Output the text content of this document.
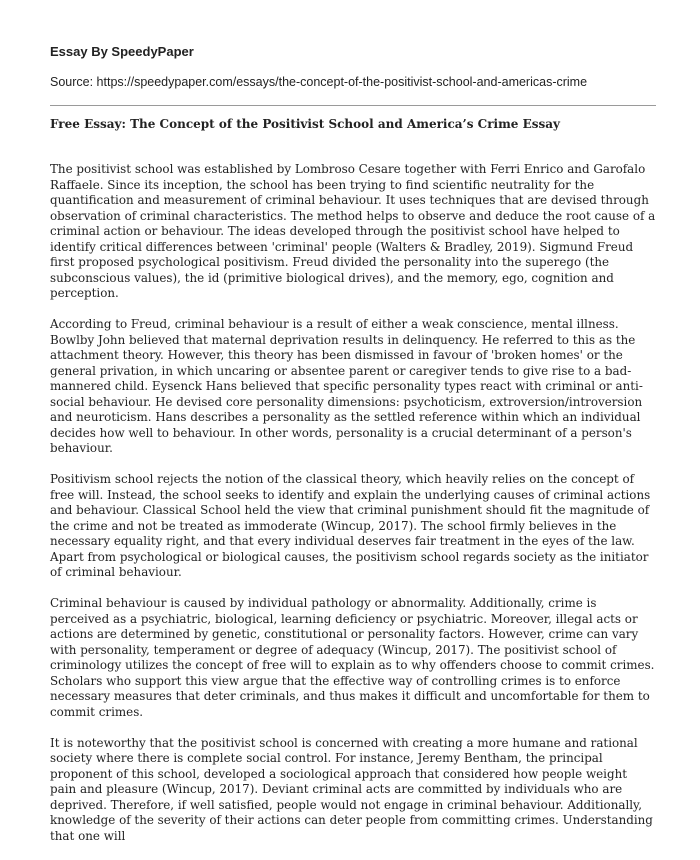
Essay By SpeedyPaper
Source: https://speedypaper.com/essays/the-concept-of-the-positivist-school-and-americas-crime
Free Essay: The Concept of the Positivist School and America’s Crime Essay

The positivist school was established by Lombroso Cesare together with Ferri Enrico and Garofalo Raffaele. Since its inception, the school has been trying to find scientific neutrality for the quantification and measurement of criminal behaviour. It uses techniques that are devised through observation of criminal characteristics. The method helps to observe and deduce the root cause of a criminal action or behaviour. The ideas developed through the positivist school have helped to identify critical differences between 'criminal' people (Walters & Bradley, 2019). Sigmund Freud first proposed psychological positivism. Freud divided the personality into the superego (the subconscious values), the id (primitive biological drives), and the memory, ego, cognition and perception.

According to Freud, criminal behaviour is a result of either a weak conscience, mental illness. Bowlby John believed that maternal deprivation results in delinquency. He referred to this as the attachment theory. However, this theory has been dismissed in favour of 'broken homes' or the general privation, in which uncaring or absentee parent or caregiver tends to give rise to a bad-mannered child. Eysenck Hans believed that specific personality types react with criminal or anti-social behaviour. He devised core personality dimensions: psychoticism, extroversion/introversion and neuroticism. Hans describes a personality as the settled reference within which an individual decides how well to behaviour. In other words, personality is a crucial determinant of a person's behaviour.

Positivism school rejects the notion of the classical theory, which heavily relies on the concept of free will. Instead, the school seeks to identify and explain the underlying causes of criminal actions and behaviour. Classical School held the view that criminal punishment should fit the magnitude of the crime and not be treated as immoderate (Wincup, 2017). The school firmly believes in the necessary equality right, and that every individual deserves fair treatment in the eyes of the law. Apart from psychological or biological causes, the positivism school regards society as the initiator of criminal behaviour.

Criminal behaviour is caused by individual pathology or abnormality. Additionally, crime is perceived as a psychiatric, biological, learning deficiency or psychiatric. Moreover, illegal acts or actions are determined by genetic, constitutional or personality factors. However, crime can vary with personality, temperament or degree of adequacy (Wincup, 2017). The positivist school of criminology utilizes the concept of free will to explain as to why offenders choose to commit crimes. Scholars who support this view argue that the effective way of controlling crimes is to enforce necessary measures that deter criminals, and thus makes it difficult and uncomfortable for them to commit crimes.

It is noteworthy that the positivist school is concerned with creating a more humane and rational society where there is complete social control. For instance, Jeremy Bentham, the principal proponent of this school, developed a sociological approach that considered how people weight pain and pleasure (Wincup, 2017). Deviant criminal acts are committed by individuals who are deprived. Therefore, if well satisfied, people would not engage in criminal behaviour. Additionally, knowledge of the severity of their actions can deter people from committing crimes. Understanding that one will
